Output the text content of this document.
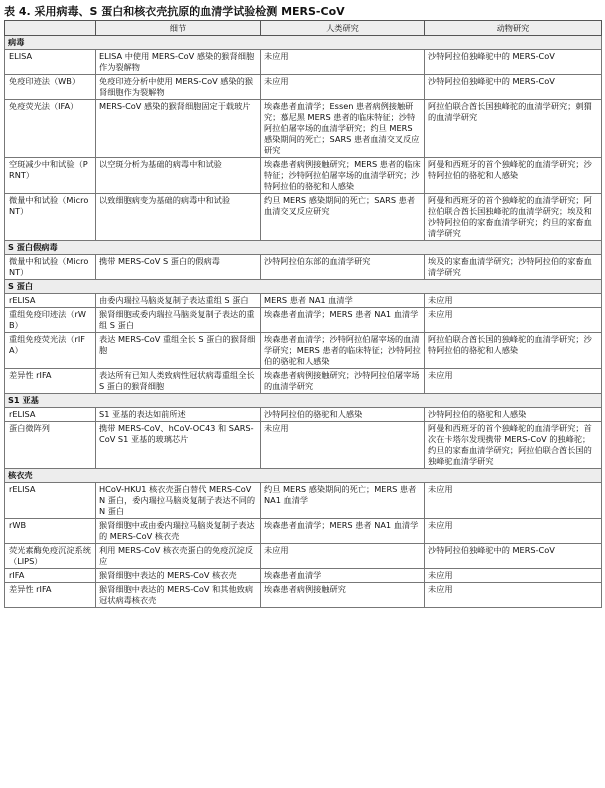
表 4. 采用病毒、S 蛋白和核衣壳抗原的血清学试验检测 MERS-CoV
	细节	人类研究	动物研究
病毒			
ELISA	ELISA 中使用 MERS-CoV 感染的猴肾细胞作为裂解物	未应用	沙特阿拉伯独峰驼中的 MERS-CoV
免疫印迹法（WB）	免疫印迹分析中使用 MERS-CoV 感染的猴肾细胞作为裂解物	未应用	沙特阿拉伯独峰驼中的 MERS-CoV
免疫荧光法（IFA）	MERS-CoV 感染的猴肾细胞固定于载玻片	埃森患者血清学；Essen 患者病例接触研究；慕尼黑 MERS 患者的临床特征；沙特阿拉伯屠宰场的血清学研究；约旦 MERS 感染期间的死亡；SARS 患者血清交叉反应研究	阿拉伯联合酋长国独峰驼的血清学研究；刺猬的血清学研究
空斑减少中和试验（PRNT）	以空斑分析为基础的病毒中和试验	埃森患者病例接触研究；MERS 患者的临床特征；沙特阿拉伯屠宰场的血清学研究；沙特阿拉伯的骆驼和人感染	阿曼和西班牙的首个独峰驼的血清学研究；沙特阿拉伯的骆驼和人感染
微量中和试验（MicroNT）	以致细胞病变为基础的病毒中和试验	约旦 MERS 感染期间的死亡；SARS 患者血清交叉反应研究	阿曼和西班牙的首个独峰驼的血清学研究；阿拉伯联合酋长国独峰驼的血清学研究；埃及和沙特阿拉伯的家畜血清学研究；约旦的家畜血清学研究
S 蛋白假病毒			
微量中和试验（MicroNT）	携带 MERS-CoV S 蛋白的假病毒	沙特阿拉伯东部的血清学研究	埃及的家畜血清学研究；沙特阿拉伯的家畜血清学研究
S 蛋白			
rELISA	由委内瑞拉马脑炎复制子表达重组 S 蛋白	MERS 患者 NA1 血清学	未应用
重组免疫印迹法（rWB）	猴肾细胞或委内瑞拉马脑炎复制子表达的重组 S 蛋白	埃森患者血清学；MERS 患者 NA1 血清学	未应用
重组免疫荧光法（rIFA）	表达 MERS-CoV 重组全长 S 蛋白的猴肾细胞	埃森患者血清学；沙特阿拉伯屠宰场的血清学研究；MERS 患者的临床特征；沙特阿拉伯的骆驼和人感染	阿拉伯联合酋长国的独峰驼的血清学研究；沙特阿拉伯的骆驼和人感染
差异性 rIFA	表达所有已知人类致病性冠状病毒重组全长 S 蛋白的猴肾细胞	埃森患者病例接触研究；沙特阿拉伯屠宰场的血清学研究	未应用
S1 亚基			
rELISA	S1 亚基的表达如前所述	沙特阿拉伯的骆驼和人感染	沙特阿拉伯的骆驼和人感染
蛋白微阵列	携带 MERS-CoV、hCoV-OC43 和 SARS-CoV S1 亚基的玻璃芯片	未应用	阿曼和西班牙的首个独峰驼的血清学研究；首次在卡塔尔发现携带 MERS-CoV 的独峰驼；约旦的家畜血清学研究；阿拉伯联合酋长国的独峰驼血清学研究
核衣壳			
rELISA	HCoV-HKU1 核衣壳蛋白替代 MERS-CoV N 蛋白，委内瑞拉马脑炎复制子表达不同的 N 蛋白	约旦 MERS 感染期间的死亡；MERS 患者 NA1 血清学	未应用
rWB	猴肾细胞中或由委内瑞拉马脑炎复制子表达的 MERS-CoV 核衣壳	埃森患者血清学；MERS 患者 NA1 血清学	未应用
荧光素酶免疫沉淀系统（LIPS）	利用 MERS-CoV 核衣壳蛋白的免疫沉淀反应	未应用	沙特阿拉伯独峰驼中的 MERS-CoV
rIFA	猴肾细胞中表达的 MERS-CoV 核衣壳	埃森患者血清学	未应用
差异性 rIFA	猴肾细胞中表达的 MERS-CoV 和其他致病冠状病毒核衣壳	埃森患者病例接触研究	未应用
